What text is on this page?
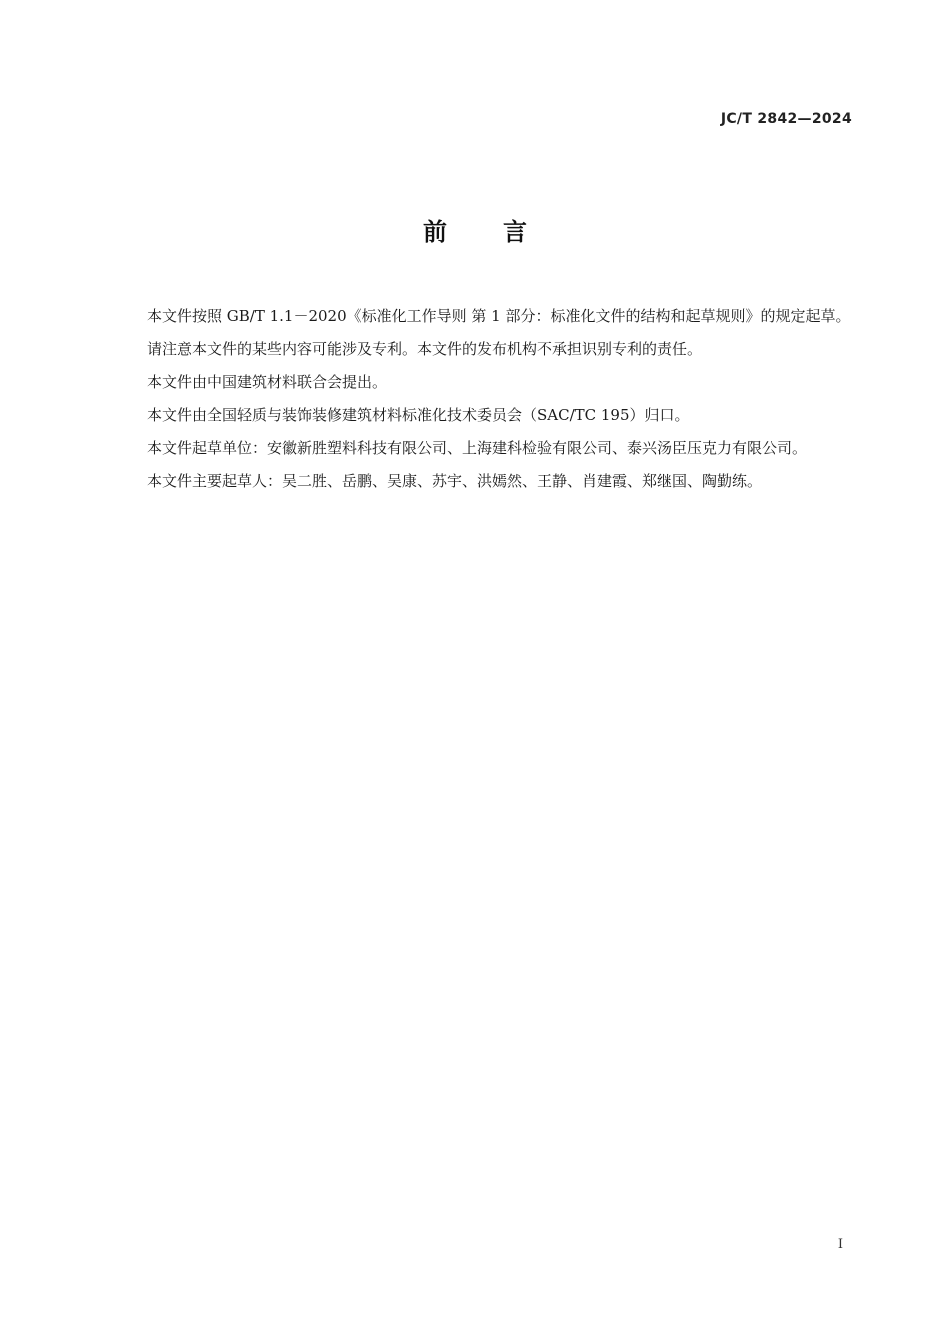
JC/T 2842—2024
前言

本文件按照 GB/T 1.1－2020《标准化工作导则 第 1 部分：标准化文件的结构和起草规则》的规定起草。

请注意本文件的某些内容可能涉及专利。本文件的发布机构不承担识别专利的责任。

本文件由中国建筑材料联合会提出。

本文件由全国轻质与装饰装修建筑材料标准化技术委员会（SAC/TC 195）归口。

本文件起草单位：安徽新胜塑料科技有限公司、上海建科检验有限公司、泰兴汤臣压克力有限公司。

本文件主要起草人：吴二胜、岳鹏、吴康、苏宇、洪嫣然、王静、肖建霞、郑继国、陶勤练。

I
